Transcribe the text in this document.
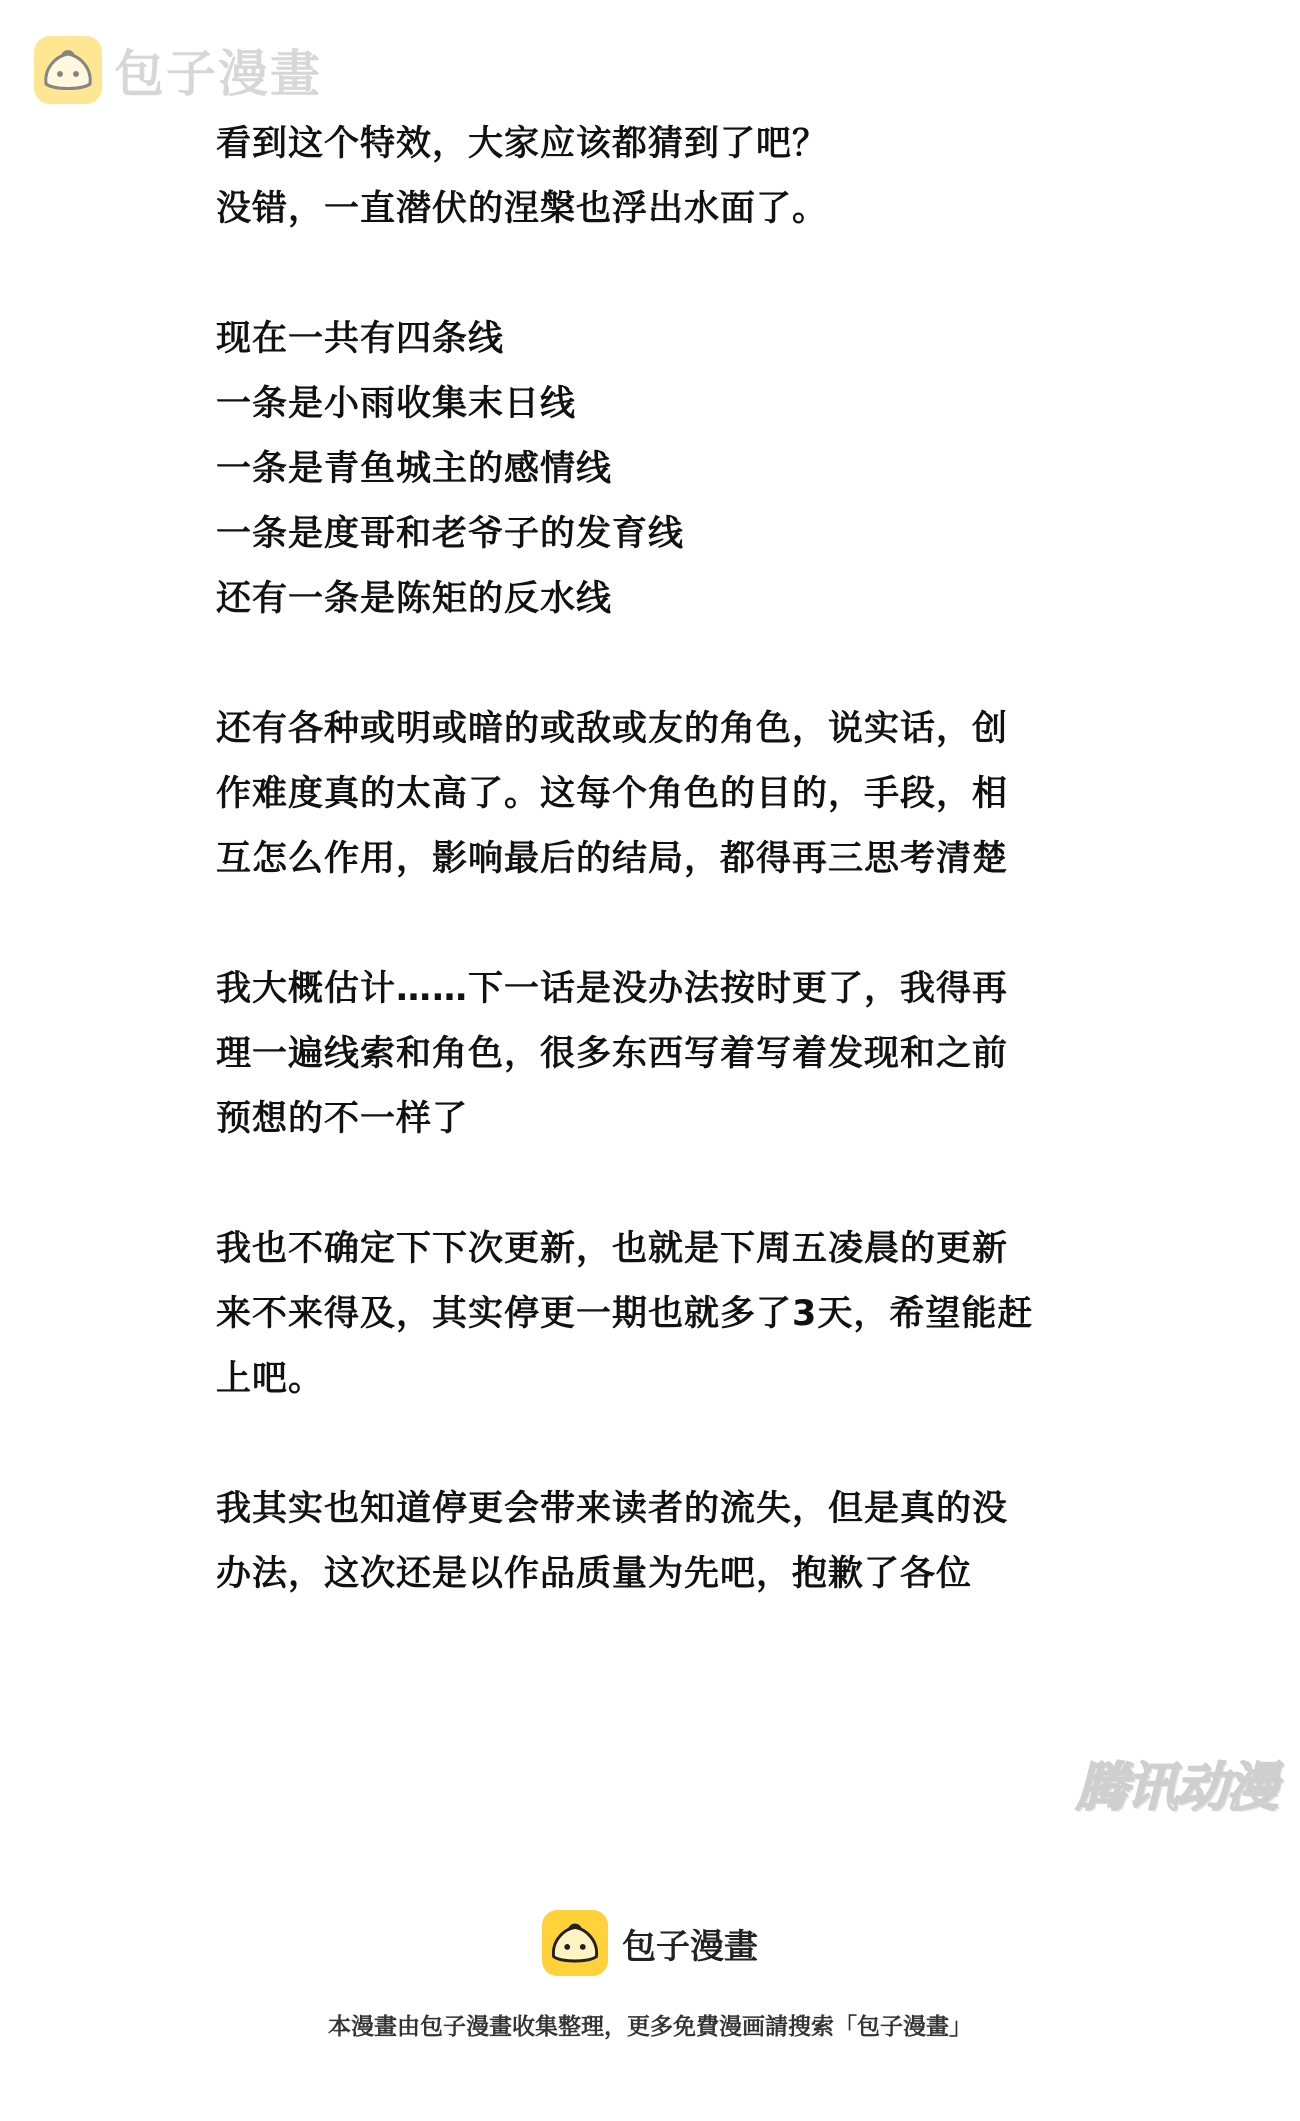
包子漫畫
看到这个特效，大家应该都猜到了吧？
没错，一直潜伏的涅槃也浮出水面了。
现在一共有四条线
一条是小雨收集末日线
一条是青鱼城主的感情线
一条是度哥和老爷子的发育线
还有一条是陈矩的反水线
还有各种或明或暗的或敌或友的角色，说实话，创
作难度真的太高了。这每个角色的目的，手段，相
互怎么作用，影响最后的结局，都得再三思考清楚
我大概估计……下一话是没办法按时更了，我得再
理一遍线索和角色，很多东西写着写着发现和之前
预想的不一样了
我也不确定下下次更新，也就是下周五凌晨的更新
来不来得及，其实停更一期也就多了3天，希望能赶
上吧。
我其实也知道停更会带来读者的流失，但是真的没
办法，这次还是以作品质量为先吧，抱歉了各位
腾讯动漫
包子漫畫
本漫畫由包子漫畫收集整理，更多免費漫画請搜索「包子漫畫」
